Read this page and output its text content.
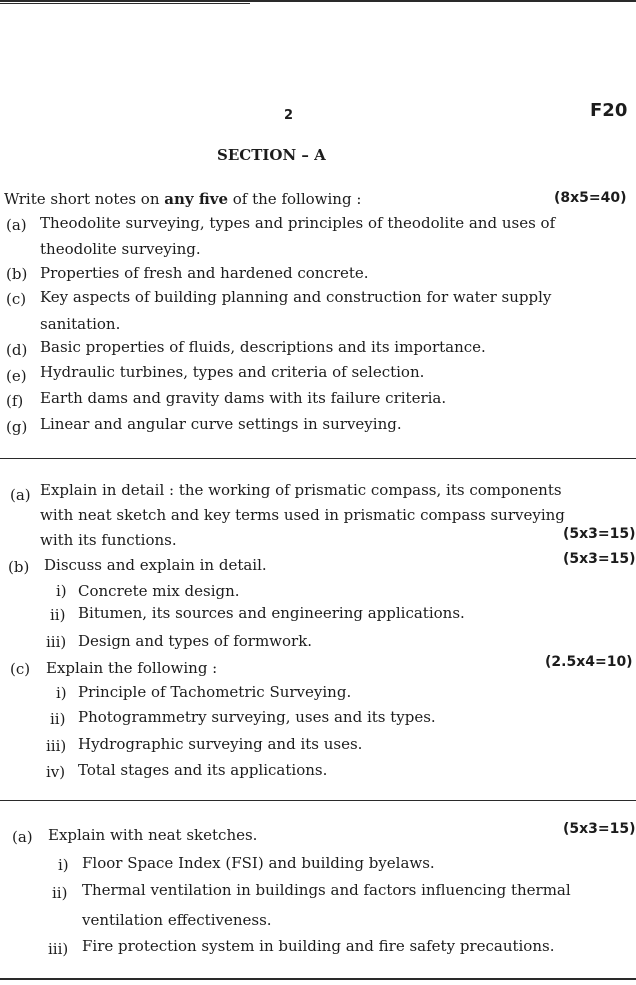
2	F20
SECTION – A
Write short notes on any five of the following :	(8x5=40)
(a) Theodolite surveying, types and principles of theodolite and uses of
theodolite surveying.
(b) Properties of fresh and hardened concrete.
(c) Key aspects of building planning and construction for water supply
sanitation.
(d) Basic properties of fluids, descriptions and its importance.
(e) Hydraulic turbines, types and criteria of selection.
(f) Earth dams and gravity dams with its failure criteria.
(g) Linear and angular curve settings in surveying.
(a) Explain in detail : the working of prismatic compass, its components
with neat sketch and key terms used in prismatic compass surveying
with its functions.	(5x3=15)
(b) Discuss and explain in detail.	(5x3=15)
i) Concrete mix design.
ii) Bitumen, its sources and engineering applications.
iii) Design and types of formwork.
(c) Explain the following :	(2.5x4=10)
i) Principle of Tachometric Surveying.
ii) Photogrammetry surveying, uses and its types.
iii) Hydrographic surveying and its uses.
iv) Total stages and its applications.
(a) Explain with neat sketches.	(5x3=15)
i) Floor Space Index (FSI) and building byelaws.
ii) Thermal ventilation in buildings and factors influencing thermal
ventilation effectiveness.
iii) Fire protection system in building and fire safety precautions.
